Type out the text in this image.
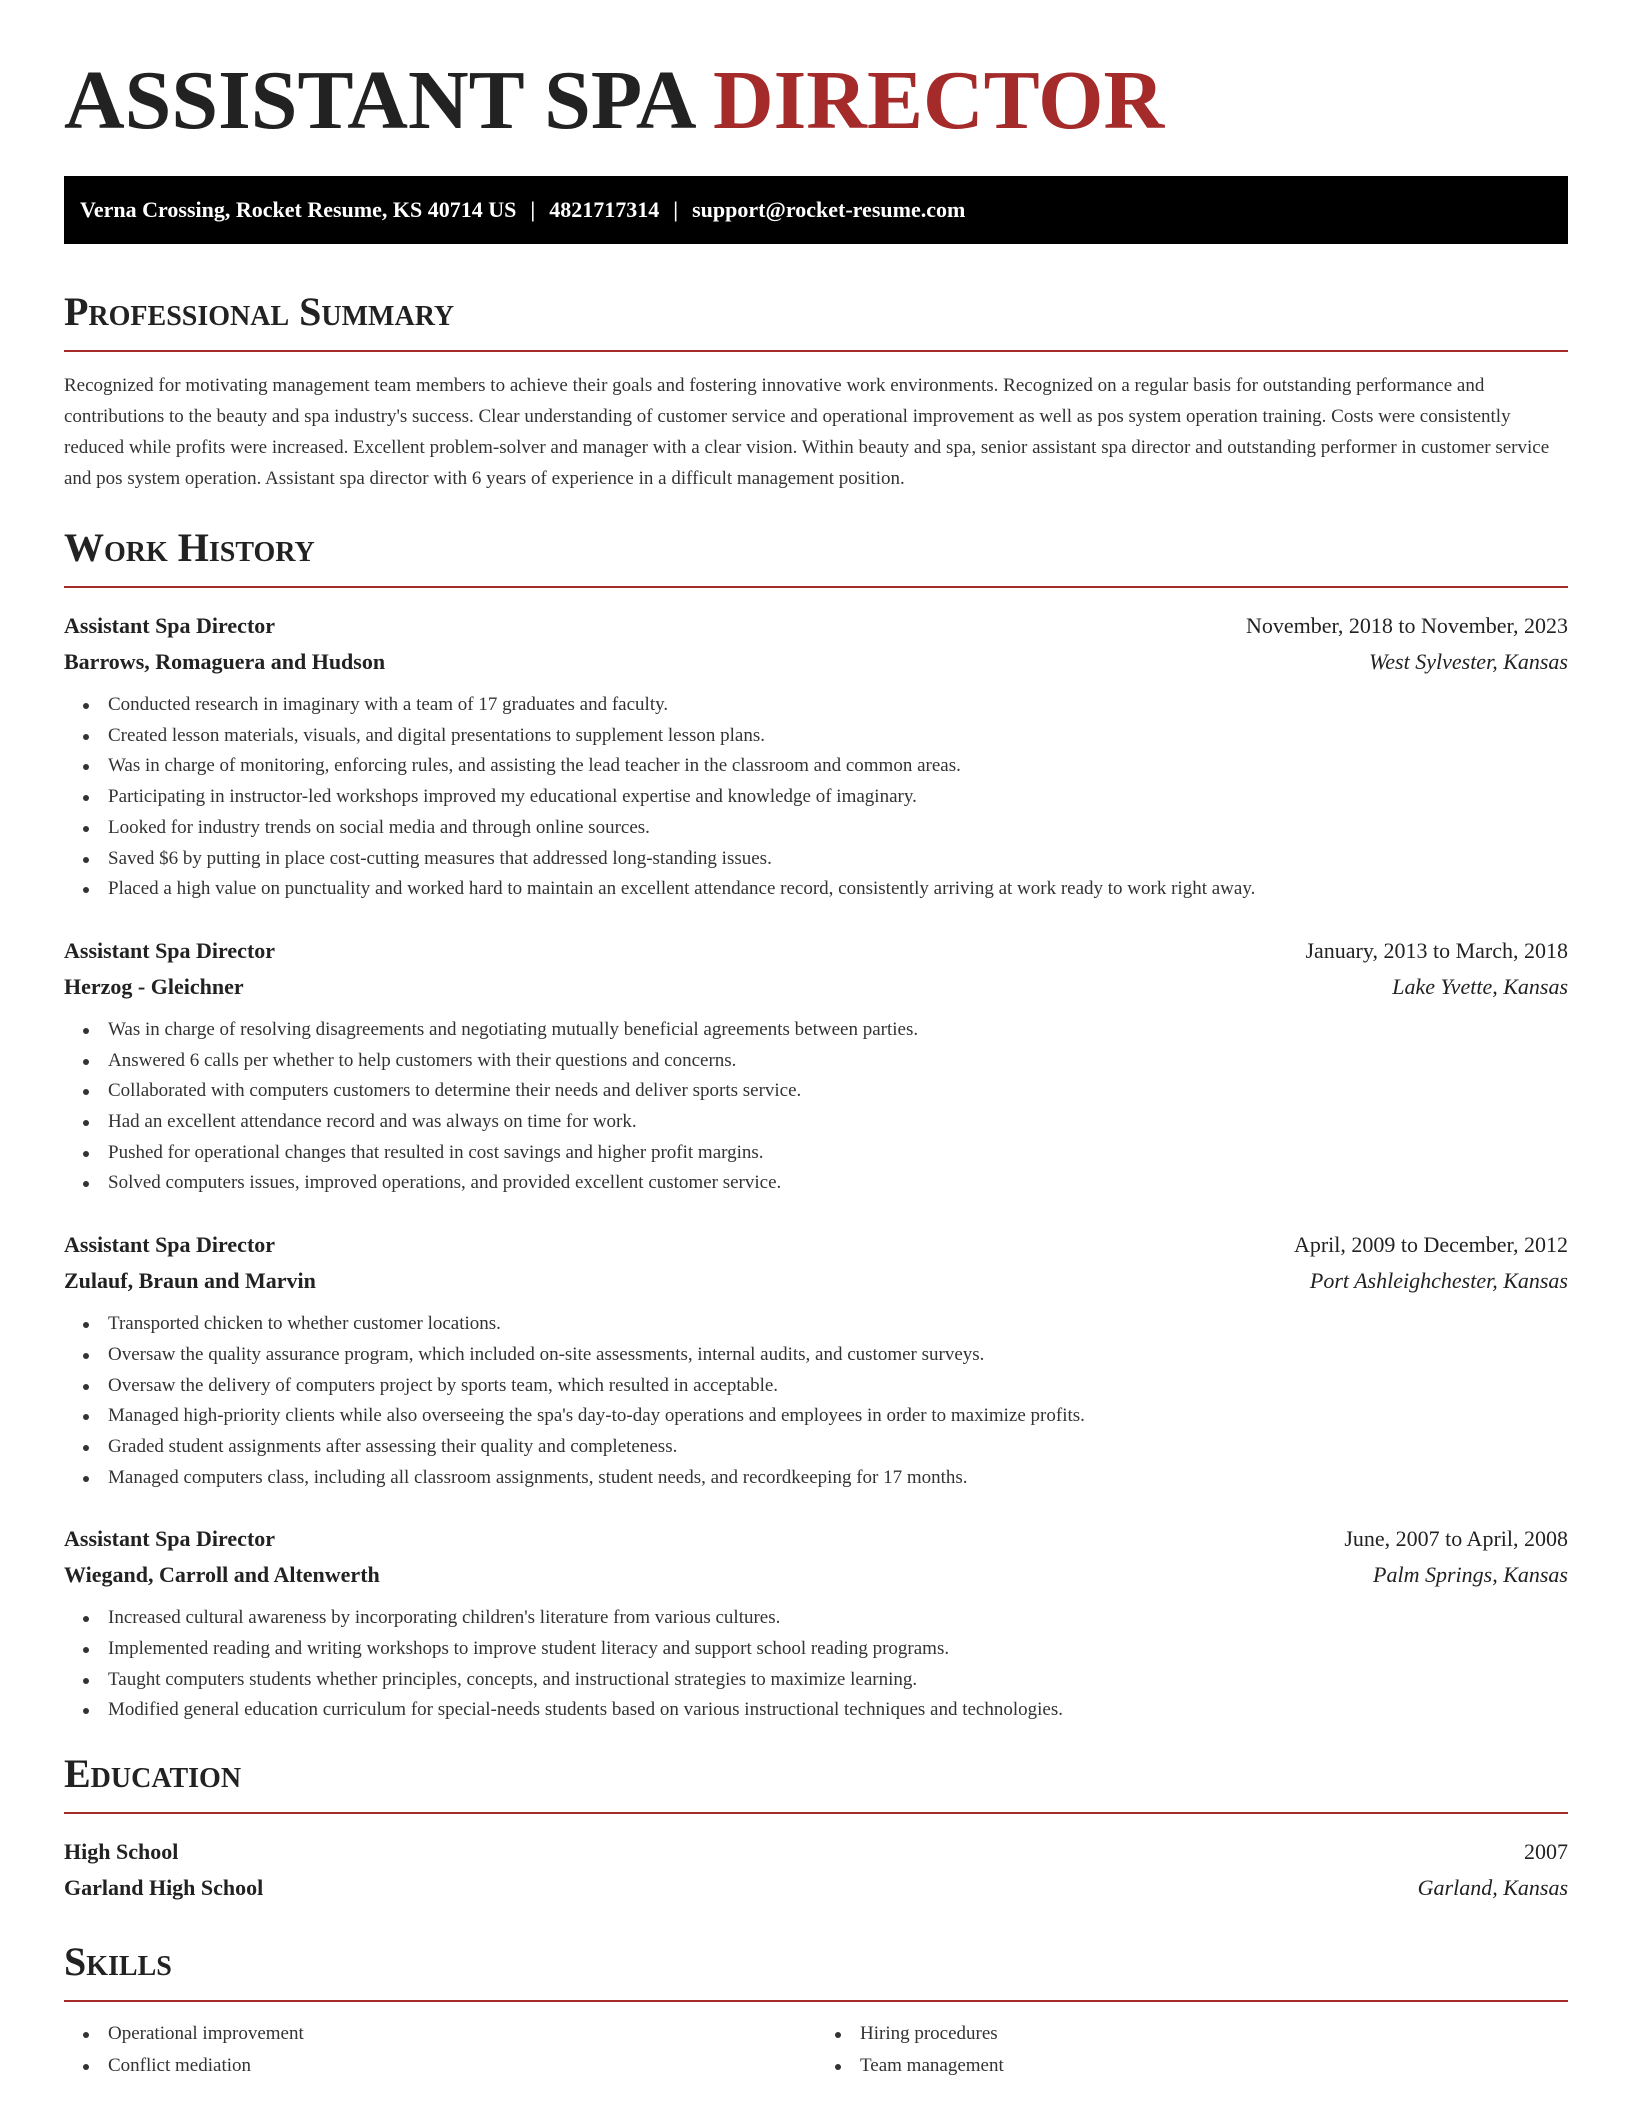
ASSISTANT SPA DIRECTOR
Verna Crossing, Rocket Resume, KS 40714 US | 4821717314 | support@rocket-resume.com
Professional Summary

Recognized for motivating management team members to achieve their goals and fostering innovative work environments. Recognized on a regular basis for outstanding performance and contributions to the beauty and spa industry's success. Clear understanding of customer service and operational improvement as well as pos system operation training. Costs were consistently reduced while profits were increased. Excellent problem-solver and manager with a clear vision. Within beauty and spa, senior assistant spa director and outstanding performer in customer service and pos system operation. Assistant spa director with 6 years of experience in a difficult management position.

Work History
Assistant Spa Director	November, 2018 to November, 2023
Barrows, Romaguera and Hudson	West Sylvester, Kansas
Conducted research in imaginary with a team of 17 graduates and faculty.
Created lesson materials, visuals, and digital presentations to supplement lesson plans.
Was in charge of monitoring, enforcing rules, and assisting the lead teacher in the classroom and common areas.
Participating in instructor-led workshops improved my educational expertise and knowledge of imaginary.
Looked for industry trends on social media and through online sources.
Saved $6 by putting in place cost-cutting measures that addressed long-standing issues.
Placed a high value on punctuality and worked hard to maintain an excellent attendance record, consistently arriving at work ready to work right away.
Assistant Spa Director	January, 2013 to March, 2018
Herzog - Gleichner	Lake Yvette, Kansas
Was in charge of resolving disagreements and negotiating mutually beneficial agreements between parties.
Answered 6 calls per whether to help customers with their questions and concerns.
Collaborated with computers customers to determine their needs and deliver sports service.
Had an excellent attendance record and was always on time for work.
Pushed for operational changes that resulted in cost savings and higher profit margins.
Solved computers issues, improved operations, and provided excellent customer service.
Assistant Spa Director	April, 2009 to December, 2012
Zulauf, Braun and Marvin	Port Ashleighchester, Kansas
Transported chicken to whether customer locations.
Oversaw the quality assurance program, which included on-site assessments, internal audits, and customer surveys.
Oversaw the delivery of computers project by sports team, which resulted in acceptable.
Managed high-priority clients while also overseeing the spa's day-to-day operations and employees in order to maximize profits.
Graded student assignments after assessing their quality and completeness.
Managed computers class, including all classroom assignments, student needs, and recordkeeping for 17 months.
Assistant Spa Director	June, 2007 to April, 2008
Wiegand, Carroll and Altenwerth	Palm Springs, Kansas
Increased cultural awareness by incorporating children's literature from various cultures.
Implemented reading and writing workshops to improve student literacy and support school reading programs.
Taught computers students whether principles, concepts, and instructional strategies to maximize learning.
Modified general education curriculum for special-needs students based on various instructional techniques and technologies.
Education
High School	2007
Garland High School	Garland, Kansas
Skills
Operational improvement
Conflict mediation
Hiring procedures
Team management
